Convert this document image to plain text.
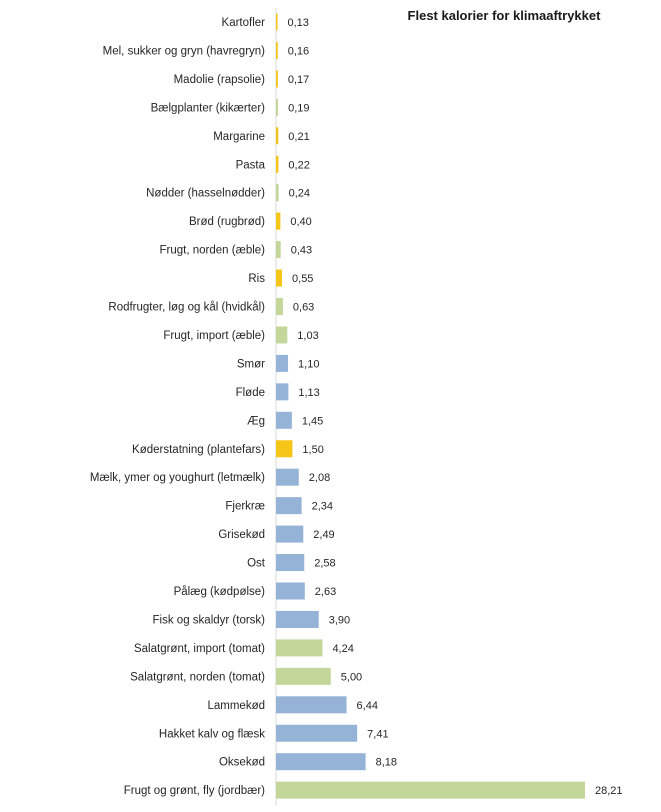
Flest kalorier for klimaaftrykket
Kartofler 0,13
Mel, sukker og gryn (havregryn) 0,16
Madolie (rapsolie) 0,17
Bælgplanter (kikærter) 0,19
Margarine 0,21
Pasta 0,22
Nødder (hasselnødder) 0,24
Brød (rugbrød) 0,40
Frugt, norden (æble) 0,43
Ris 0,55
Rodfrugter, løg og kål (hvidkål)	0,63
Frugt, import (æble)	1,03
Smør	1,10
Fløde	1,13
Æg	1,45
Køderstatning (plantefars)	1,50
Mælk, ymer og youghurt (letmælk)	2,08
Fjerkræ	2,34
Grisekød	2,49
Ost	2,58
Pålæg (kødpølse)	2,63
Fisk og skaldyr (torsk)	3,90
Salatgrønt, import (tomat)	4,24
Salatgrønt, norden (tomat)	5,00
Lammekød	6,44
Hakket kalv og flæsk	7,41
Oksekød	8,18
Frugt og grønt, fly (jordbær)	28,21
